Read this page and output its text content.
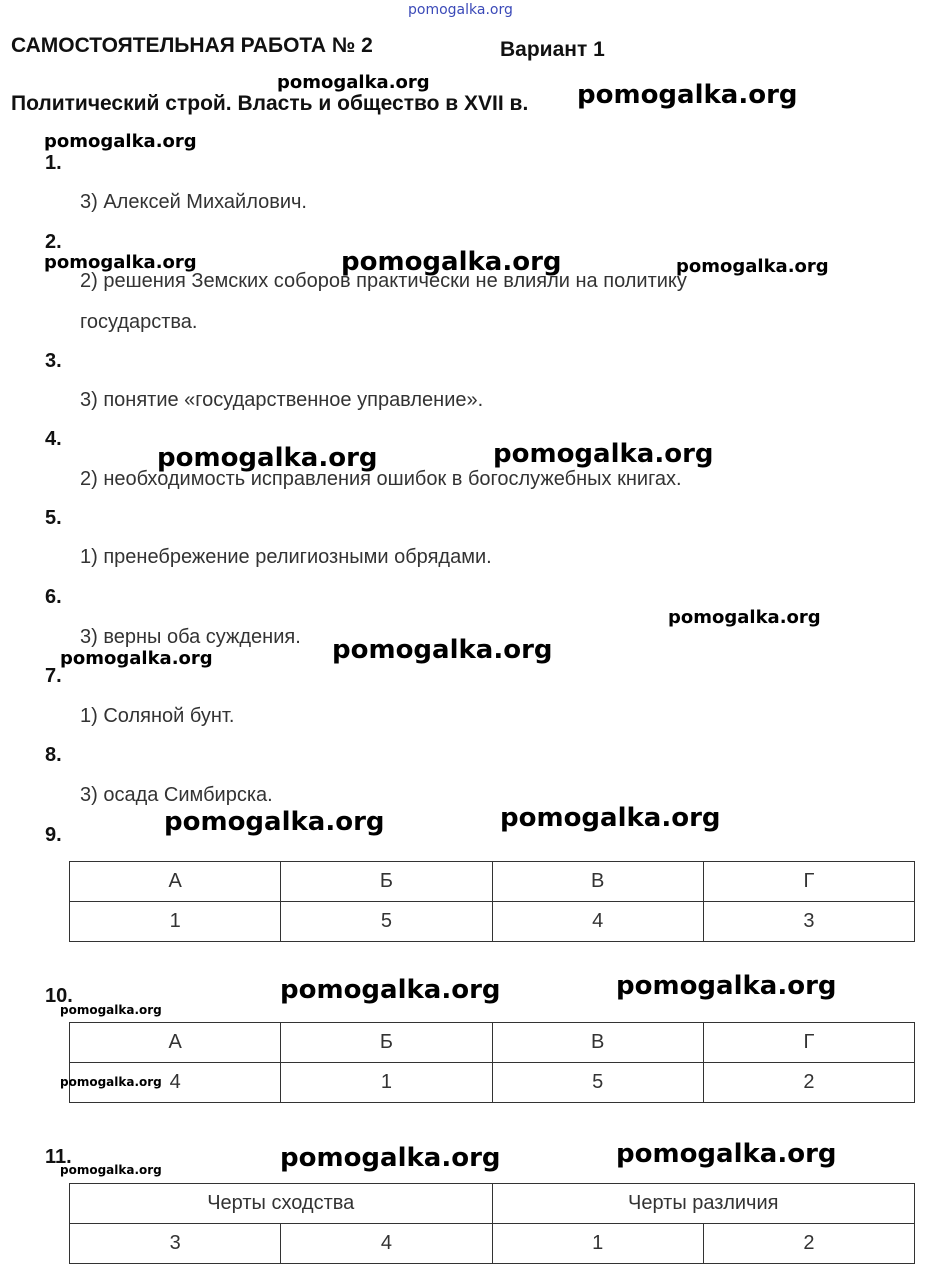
pomogalka.org
САМОСТОЯТЕЛЬНАЯ РАБОТА № 2	Вариант 1
Политический строй. Власть и общество в XVII в.
1.
3) Алексей Михайлович.
2.
2) решения Земских соборов практически не влияли на политику
государства.
3.
3) понятие «государственное управление».
4.
2) необходимость исправления ошибок в богослужебных книгах.
5.
1) пренебрежение религиозными обрядами.
6.
3) верны оба суждения.
7.
1) Соляной бунт.
8.
3) осада Симбирска.
9.
А	Б	В	Г
1	5	4	3
10.
А	Б	В	Г
4	1	5	2
11.
Черты сходства		Черты различия	
3	4	1	2
pomogalka.org	pomogalka.org
pomogalka.org
pomogalka.org	pomogalka.org	pomogalka.org
pomogalka.org	pomogalka.org
pomogalka.org
pomogalka.org
pomogalka.org
pomogalka.org	pomogalka.org
pomogalka.org	pomogalka.org
pomogalka.org
pomogalka.org
pomogalka.org	pomogalka.org
pomogalka.org
